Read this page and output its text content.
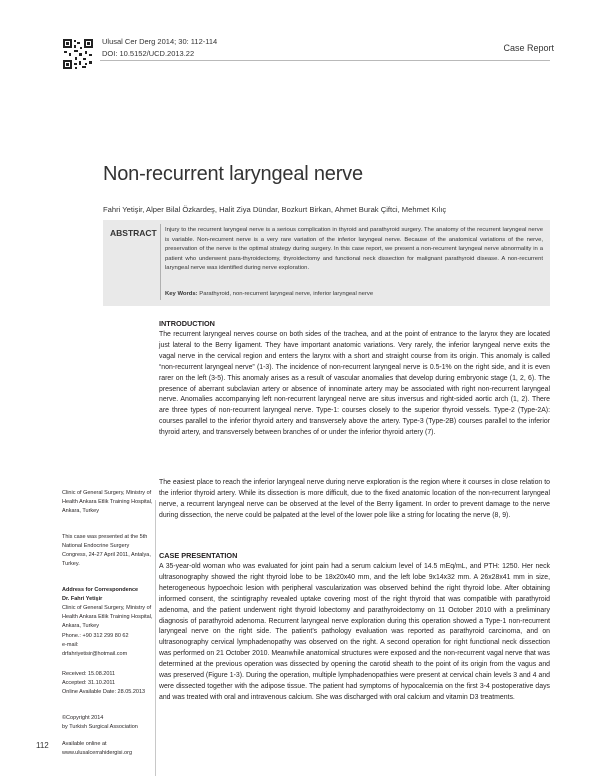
Ulusal Cer Derg 2014; 30: 112-114
DOI: 10.5152/UCD.2013.22
Case Report
Non-recurrent laryngeal nerve
Fahri Yetişir, Alper Bilal Özkardeş, Halit Ziya Dündar, Bozkurt Birkan, Ahmet Burak Çiftci, Mehmet Kılıç
ABSTRACT Injury to the recurrent laryngeal nerve is a serious complication in thyroid and parathyroid surgery. The anatomy of the recurrent laryngeal nerve is variable. Non-recurrent nerve is a very rare variation of the inferior laryngeal nerve. Because of the anatomical variations of the nerve, preservation of the nerve is the optimal strategy during surgery. In this case report, we present a non-recurrent laryngeal nerve abnormality in a patient who underwent para-thyroidectomy, thyroidectomy and functional neck dissection for malignant parathyroid disease. A non-recurrent laryngeal nerve was identified during nerve exploration.
Key Words: Parathyroid, non-recurrent laryngeal nerve, inferior laryngeal nerve
INTRODUCTION
The recurrent laryngeal nerves course on both sides of the trachea, and at the point of entrance to the larynx they are located just lateral to the Berry ligament. They have important anatomic variations. Very rarely, the inferior laryngeal nerve exits the vagal nerve in the cervical region and enters the larynx with a short and straight course from its origin. This anomaly is called “non-recurrent laryngeal nerve” (1-3). The incidence of non-recurrent laryngeal nerve is 0.5-1% on the right side, and it is even rarer on the left (3-5). This anomaly arises as a result of vascular anomalies that develop during embryonic stage (1, 2, 6). The presence of aberrant subclavian artery or absence of innominate artery may be associated with right non-recurrent laryngeal nerve. Anomalies accompanying left non-recurrent laryngeal nerve are situs inversus and right-sided aortic arch (1, 2). There are three types of non-recurrent laryngeal nerve. Type-1: courses closely to the superior thyroid vessels. Type-2 (Type-2A): courses parallel to the inferior thyroid artery and transversely above the artery. Type-3 (Type-2B) courses parallel to the inferior thyroid artery, and transversely between branches of or under the inferior thyroid artery (7).
The easiest place to reach the inferior laryngeal nerve during nerve exploration is the region where it courses in close relation to the inferior thyroid artery. While its dissection is more difficult, due to the fixed anatomic location of the non-recurrent laryngeal nerve, a recurrent laryngeal nerve can be observed at the level of the Berry ligament. In order to prevent damage to the nerve during dissection, the nerve could be palpated at the level of the lower pole like a string for locating the nerve (8, 9).
CASE PRESENTATION
A 35-year-old woman who was evaluated for joint pain had a serum calcium level of 14.5 mEq/mL, and PTH: 1250. Her neck ultrasonography showed the right thyroid lobe to be 18x20x40 mm, and the left lobe 9x14x32 mm. A 26x28x41 mm in size, heterogeneous hypoechoic lesion with peripheral vascularization was observed behind the right thyroid lobe. After obtaining informed consent, the scintigraphy revealed uptake covering most of the right thyroid that was compatible with parathyroid adenoma, and the patient underwent right thyroid lobectomy and parathyroidectomy on 11 October 2010 with a preliminary diagnosis of parathyroid adenoma. Recurrent laryngeal nerve exploration during this operation showed a Type-1 non-recurrent laryngeal nerve on the right side. The patient’s pathology evaluation was reported as parathyroid carcinoma, and on ultrasonography cervical lymphadenopathy was observed on the right. A second operation for right functional neck dissection was performed on 21 October 2010. Meanwhile anatomical structures were exposed and the non-recurrent vagal nerve that was determined at the previous operation was dissected by opening the carotid sheath to the point of its origin from the vagus and was preserved (Figure 1-3). During the operation, multiple lymphadenopathies were present at cervical chain levels 3 and 4 and were dissected together with the adipose tissue. The patient had symptoms of hypocalcemia on the first 3-4 postoperative days and was treated with oral and intravenous calcium. She was discharged with oral calcium and vitamin D3 treatments.
Clinic of General Surgery, Ministry of Health Ankara Etlik Training Hospital, Ankara, Turkey
This case was presented at the 5th National Endocrine Surgery Congress, 24-27 April 2011, Antalya, Turkey.
Address for Correspondence
Dr. Fahri Yetişir
Clinic of General Surgery, Ministry of Health Ankara Etlik Training Hospital, Ankara, Turkey
Phone.: +90 312 299 80 62
e-mail:
drfahriyetisir@hotmail.com
Received: 15.08.2011
Accepted: 31.10.2011
Online Available Date: 28.05.2013
©Copyright 2014
by Turkish Surgical Association
Available online at
www.ulusalcerrahidergisi.org
112
